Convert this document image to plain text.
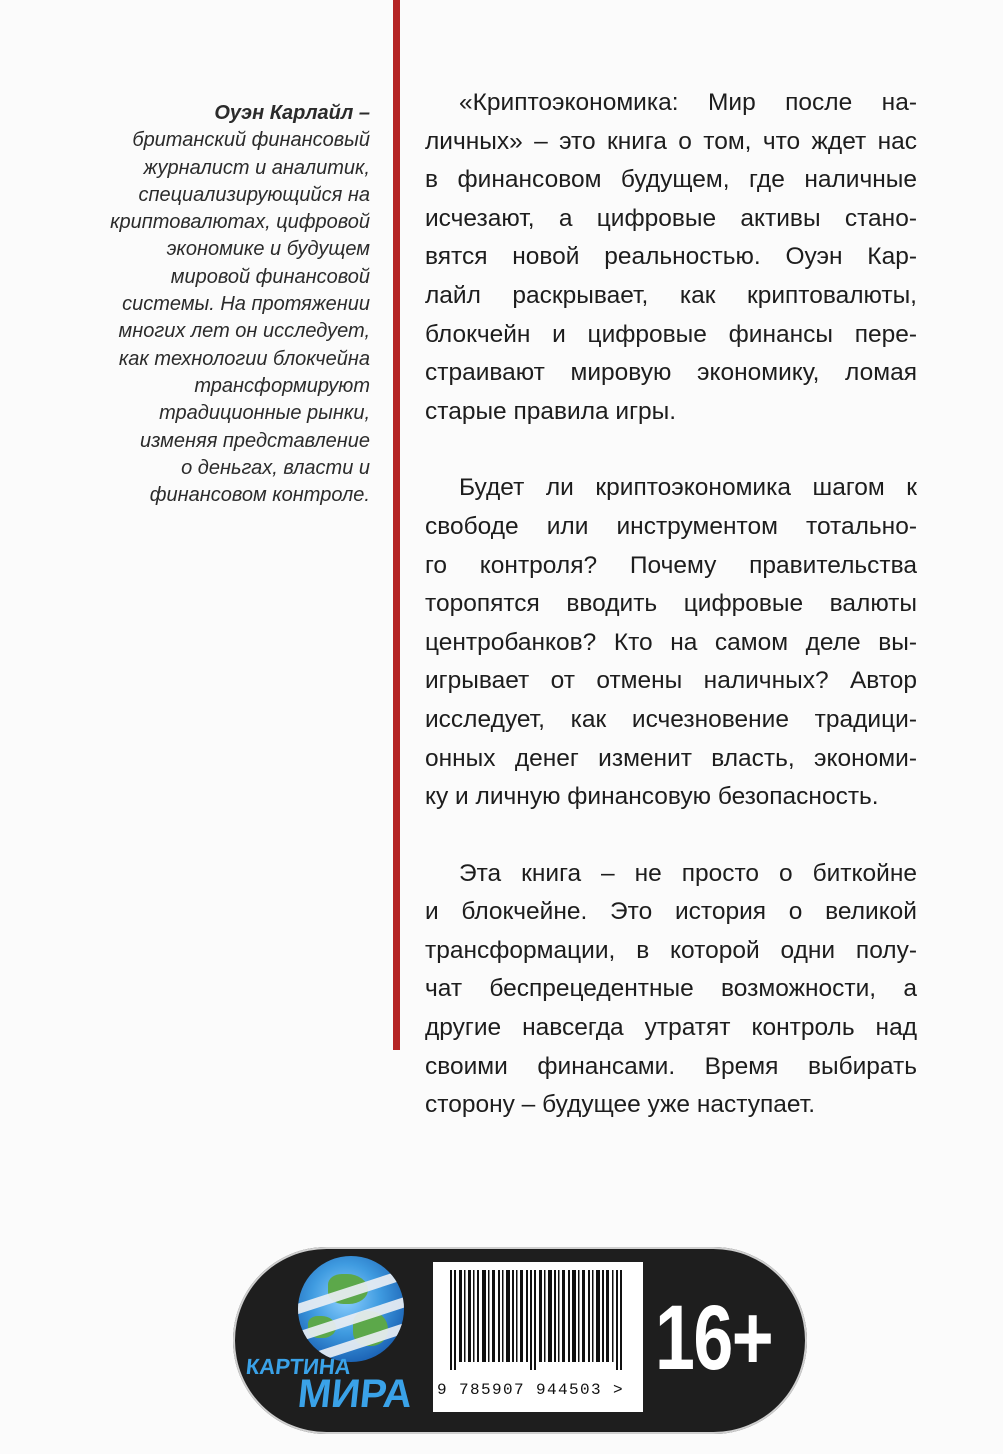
Оуэн Карлайл –
британский финансовый
журналист и аналитик,
специализирующийся на
криптовалютах, цифровой
экономике и будущем
мировой финансовой
системы. На протяжении
многих лет он исследует,
как технологии блокчейна
трансформируют
традиционные рынки,
изменяя представление
о деньгах, власти и
финансовом контроле.
«Криптоэкономика: Мир после на-
личных» – это книга о том, что ждет нас
в финансовом будущем, где наличные
исчезают, а цифровые активы стано-
вятся новой реальностью. Оуэн Кар-
лайл раскрывает, как криптовалюты,
блокчейн и цифровые финансы пере-
страивают мировую экономику, ломая
старые правила игры.
Будет ли криптоэкономика шагом к
свободе или инструментом тотально-
го контроля? Почему правительства
торопятся вводить цифровые валюты
центробанков? Кто на самом деле вы-
игрывает от отмены наличных? Автор
исследует, как исчезновение традици-
онных денег изменит власть, экономи-
ку и личную финансовую безопасность.
Эта книга – не просто о биткойне
и блокчейне. Это история о великой
трансформации, в которой одни полу-
чат беспрецедентные возможности, а
другие навсегда утратят контроль над
своими финансами. Время выбирать
сторону – будущее уже наступает.
КАРТИНА
МИРА	9 785907 944503 >
16+
